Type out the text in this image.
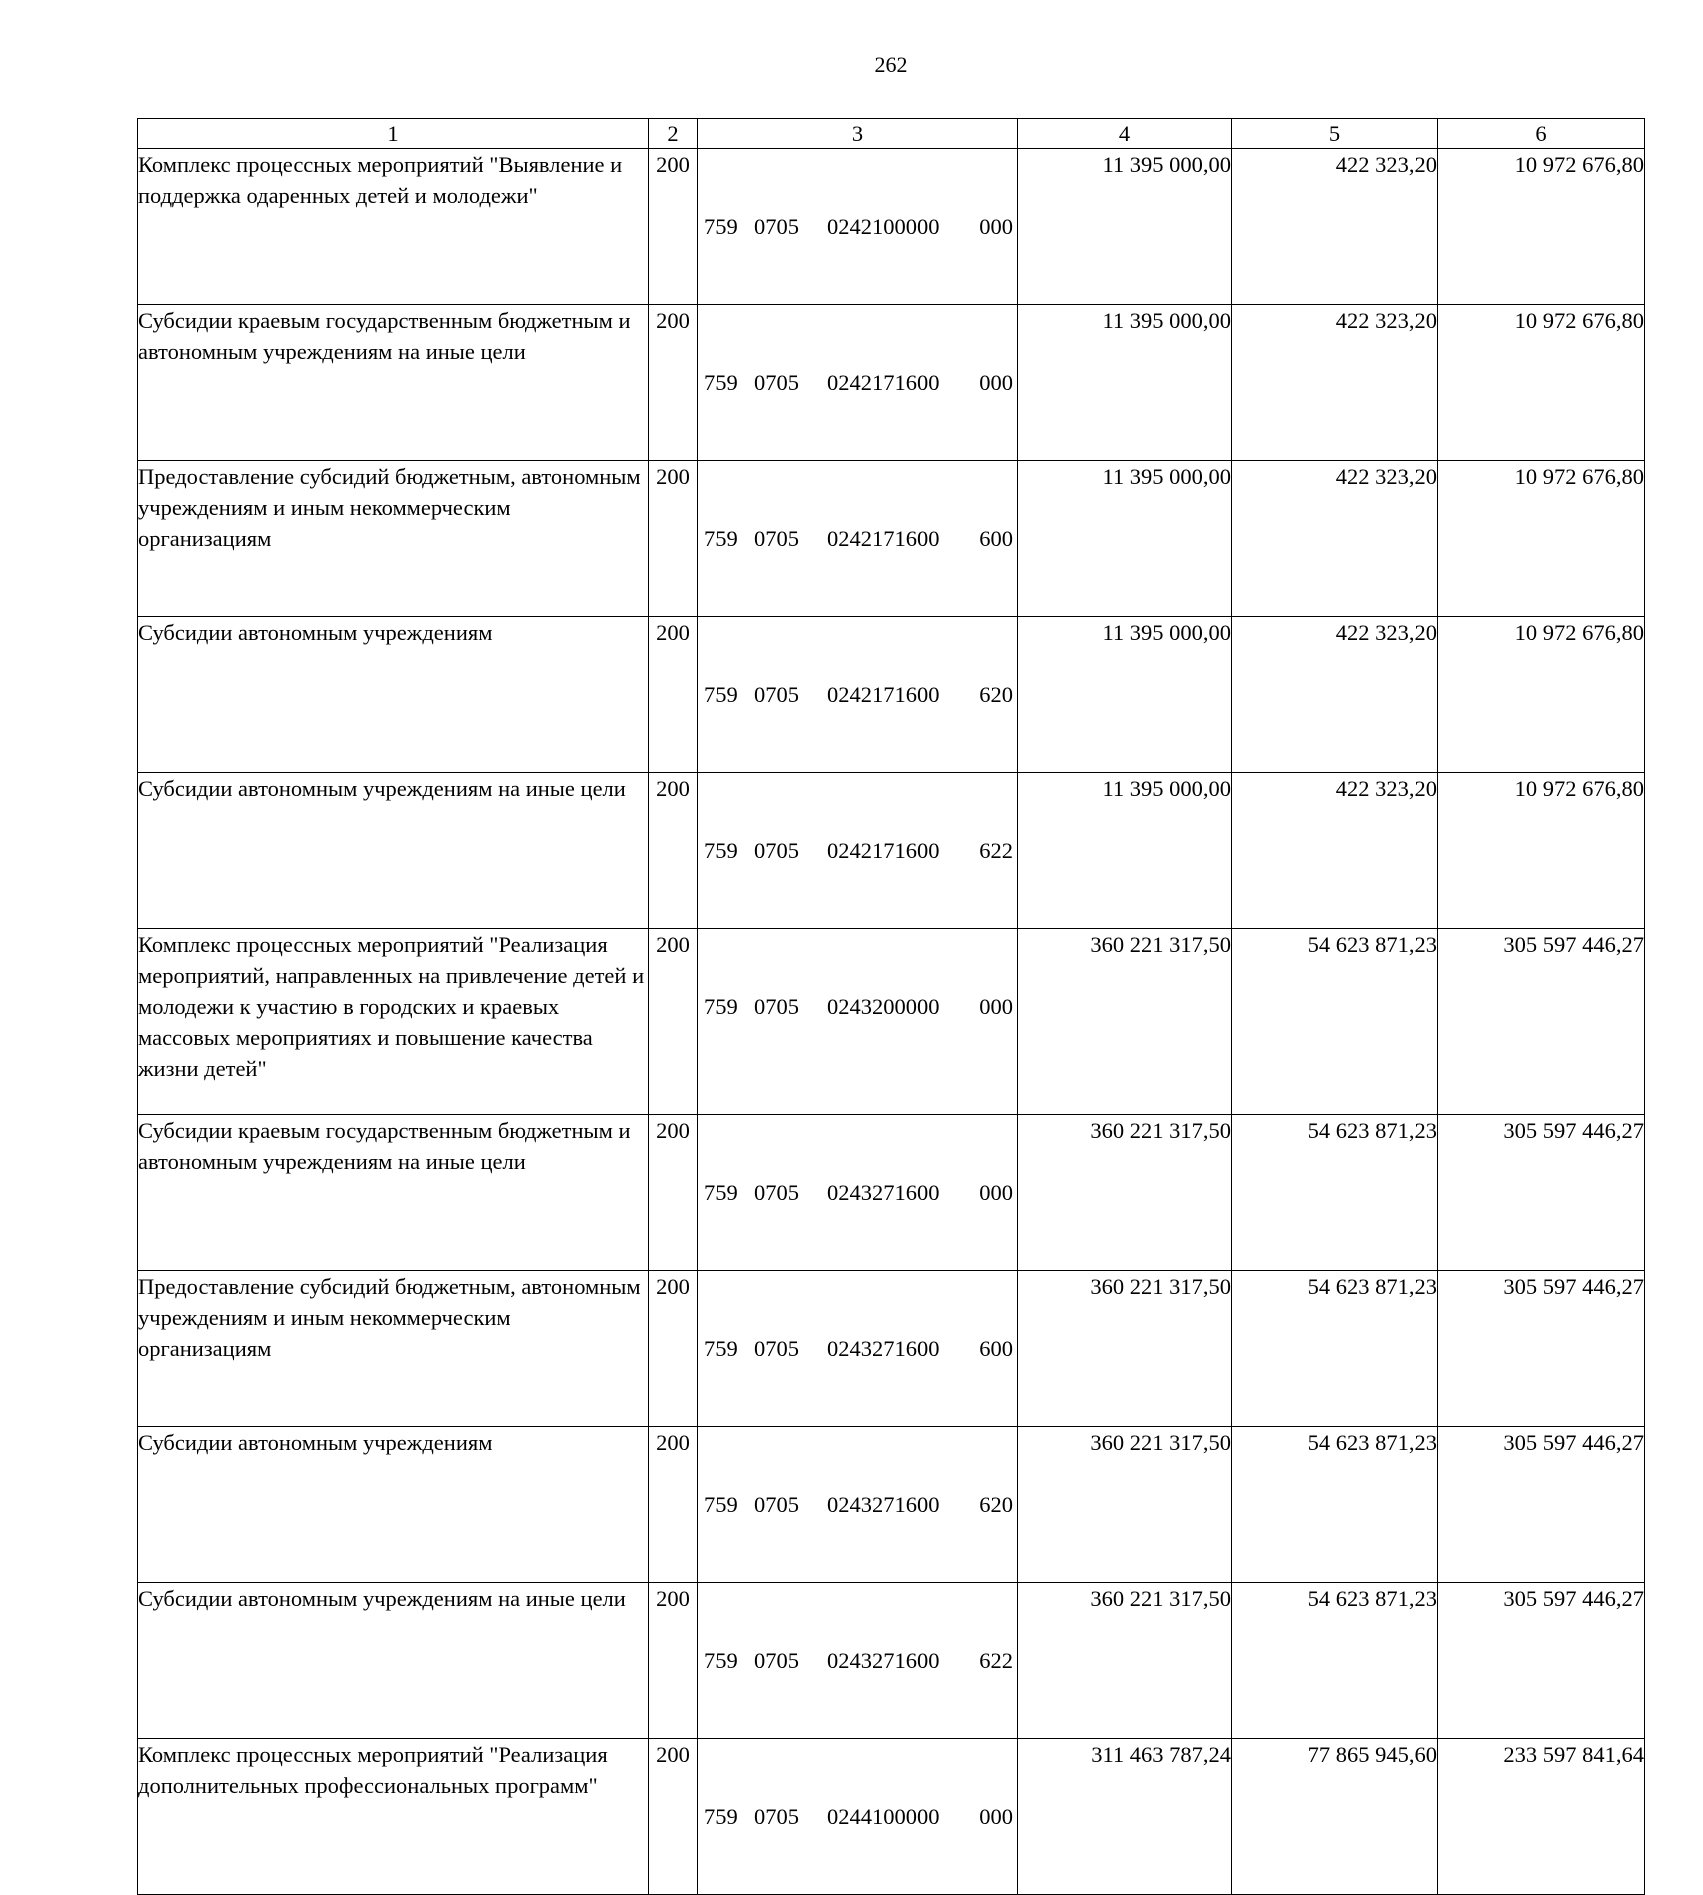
262
1	2	3	4	5	6
Комплекс процессных мероприятий "Выявление и поддержка одаренных детей и молодежи"	200	759 0705 0242100000 000	11 395 000,00	422 323,20	10 972 676,80
Субсидии краевым государственным бюджетным и автономным учреждениям на иные цели	200	759 0705 0242171600 000	11 395 000,00	422 323,20	10 972 676,80
Предоставление субсидий бюджетным, автономным учреждениям и иным некоммерческим организациям	200	759 0705 0242171600 600	11 395 000,00	422 323,20	10 972 676,80
Субсидии автономным учреждениям	200	759 0705 0242171600 620	11 395 000,00	422 323,20	10 972 676,80
Субсидии автономным учреждениям на иные цели	200	759 0705 0242171600 622	11 395 000,00	422 323,20	10 972 676,80
Комплекс процессных мероприятий "Реализация мероприятий, направленных на привлечение детей и молодежи к участию в городских и краевых массовых мероприятиях и повышение качества жизни детей"	200	759 0705 0243200000 000	360 221 317,50	54 623 871,23	305 597 446,27
Субсидии краевым государственным бюджетным и автономным учреждениям на иные цели	200	759 0705 0243271600 000	360 221 317,50	54 623 871,23	305 597 446,27
Предоставление субсидий бюджетным, автономным учреждениям и иным некоммерческим организациям	200	759 0705 0243271600 600	360 221 317,50	54 623 871,23	305 597 446,27
Субсидии автономным учреждениям	200	759 0705 0243271600 620	360 221 317,50	54 623 871,23	305 597 446,27
Субсидии автономным учреждениям на иные цели	200	759 0705 0243271600 622	360 221 317,50	54 623 871,23	305 597 446,27
Комплекс процессных мероприятий "Реализация дополнительных профессиональных программ"	200	759 0705 0244100000 000	311 463 787,24	77 865 945,60	233 597 841,64
